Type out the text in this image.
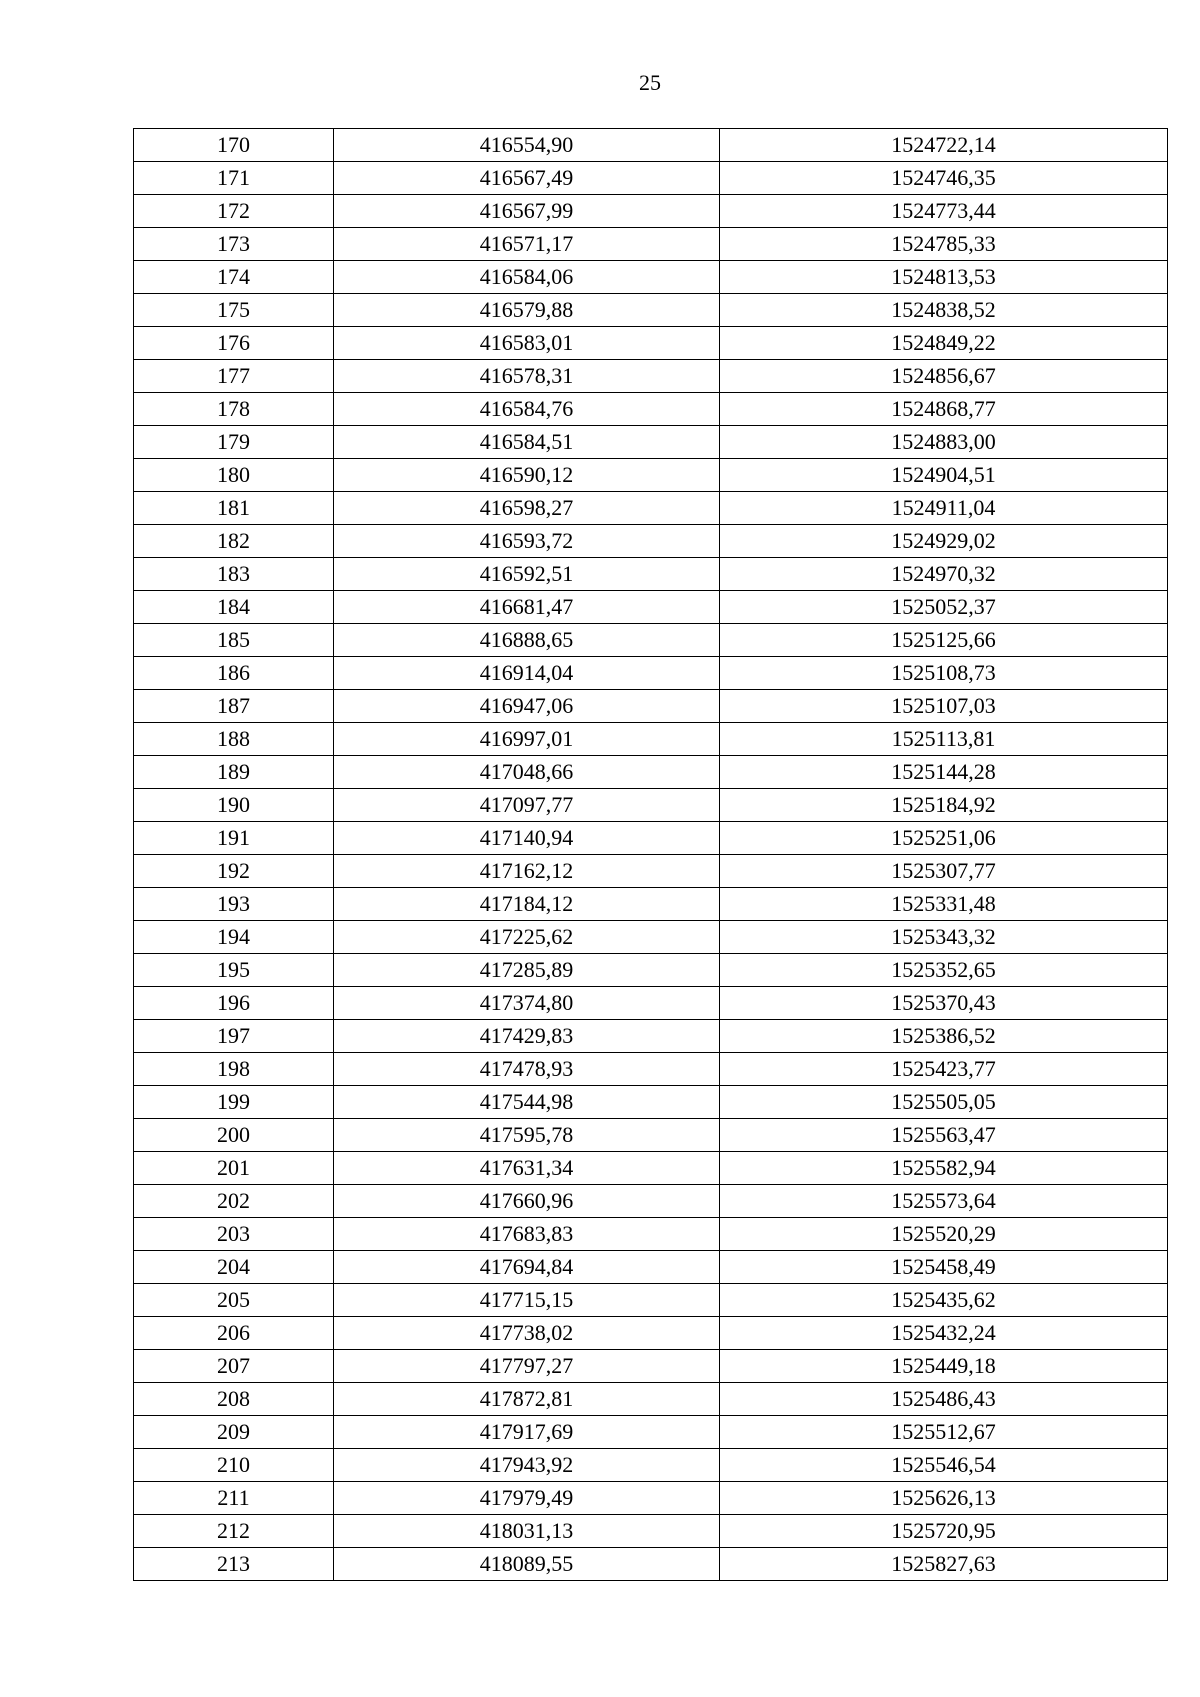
25
170	416554,90	1524722,14
171	416567,49	1524746,35
172	416567,99	1524773,44
173	416571,17	1524785,33
174	416584,06	1524813,53
175	416579,88	1524838,52
176	416583,01	1524849,22
177	416578,31	1524856,67
178	416584,76	1524868,77
179	416584,51	1524883,00
180	416590,12	1524904,51
181	416598,27	1524911,04
182	416593,72	1524929,02
183	416592,51	1524970,32
184	416681,47	1525052,37
185	416888,65	1525125,66
186	416914,04	1525108,73
187	416947,06	1525107,03
188	416997,01	1525113,81
189	417048,66	1525144,28
190	417097,77	1525184,92
191	417140,94	1525251,06
192	417162,12	1525307,77
193	417184,12	1525331,48
194	417225,62	1525343,32
195	417285,89	1525352,65
196	417374,80	1525370,43
197	417429,83	1525386,52
198	417478,93	1525423,77
199	417544,98	1525505,05
200	417595,78	1525563,47
201	417631,34	1525582,94
202	417660,96	1525573,64
203	417683,83	1525520,29
204	417694,84	1525458,49
205	417715,15	1525435,62
206	417738,02	1525432,24
207	417797,27	1525449,18
208	417872,81	1525486,43
209	417917,69	1525512,67
210	417943,92	1525546,54
211	417979,49	1525626,13
212	418031,13	1525720,95
213	418089,55	1525827,63
